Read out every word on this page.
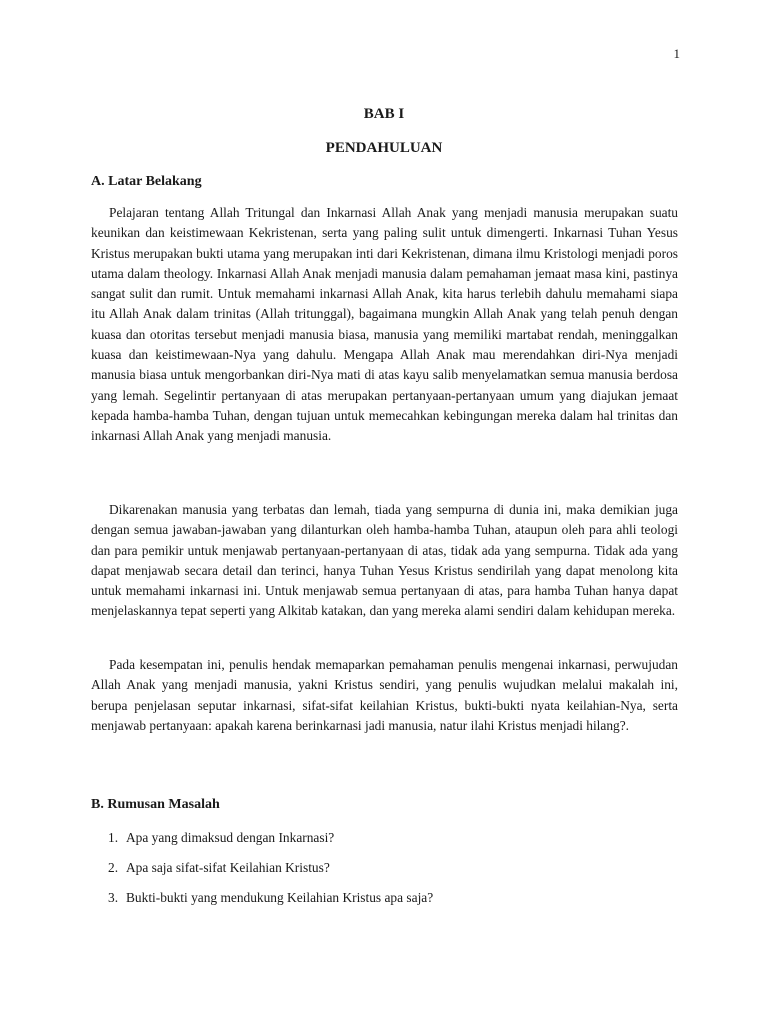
1
BAB I
PENDAHULUAN
A. Latar Belakang

Pelajaran tentang Allah Tritungal dan Inkarnasi Allah Anak yang menjadi manusia merupakan suatu keunikan dan keistimewaan Kekristenan, serta yang paling sulit untuk dimengerti. Inkarnasi Tuhan Yesus Kristus merupakan bukti utama yang merupakan inti dari Kekristenan, dimana ilmu Kristologi menjadi poros utama dalam theology. Inkarnasi Allah Anak menjadi manusia dalam pemahaman jemaat masa kini, pastinya sangat sulit dan rumit. Untuk memahami inkarnasi Allah Anak, kita harus terlebih dahulu memahami siapa itu Allah Anak dalam trinitas (Allah tritunggal), bagaimana mungkin Allah Anak yang telah penuh dengan kuasa dan otoritas tersebut menjadi manusia biasa, manusia yang memiliki martabat rendah, meninggalkan kuasa dan keistimewaan-Nya yang dahulu. Mengapa Allah Anak mau merendahkan diri-Nya menjadi manusia biasa untuk mengorbankan diri-Nya mati di atas kayu salib menyelamatkan semua manusia berdosa yang lemah. Segelintir pertanyaan di atas merupakan pertanyaan-pertanyaan umum yang diajukan jemaat kepada hamba-hamba Tuhan, dengan tujuan untuk memecahkan kebingungan mereka dalam hal trinitas dan inkarnasi Allah Anak yang menjadi manusia.

Dikarenakan manusia yang terbatas dan lemah, tiada yang sempurna di dunia ini, maka demikian juga dengan semua jawaban-jawaban yang dilanturkan oleh hamba-hamba Tuhan, ataupun oleh para ahli teologi dan para pemikir untuk menjawab pertanyaan-pertanyaan di atas, tidak ada yang sempurna. Tidak ada yang dapat menjawab secara detail dan terinci, hanya Tuhan Yesus Kristus sendirilah yang dapat menolong kita untuk memahami inkarnasi ini. Untuk menjawab semua pertanyaan di atas, para hamba Tuhan hanya dapat menjelaskannya tepat seperti yang Alkitab katakan, dan yang mereka alami sendiri dalam kehidupan mereka.

Pada kesempatan ini, penulis hendak memaparkan pemahaman penulis mengenai inkarnasi, perwujudan Allah Anak yang menjadi manusia, yakni Kristus sendiri, yang penulis wujudkan melalui makalah ini, berupa penjelasan seputar inkarnasi, sifat-sifat keilahian Kristus, bukti-bukti nyata keilahian-Nya, serta menjawab pertanyaan: apakah karena berinkarnasi jadi manusia, natur ilahi Kristus menjadi hilang?.

B. Rumusan Masalah
1. Apa yang dimaksud dengan Inkarnasi?
2. Apa saja sifat-sifat Keilahian Kristus?
3. Bukti-bukti yang mendukung Keilahian Kristus apa saja?
